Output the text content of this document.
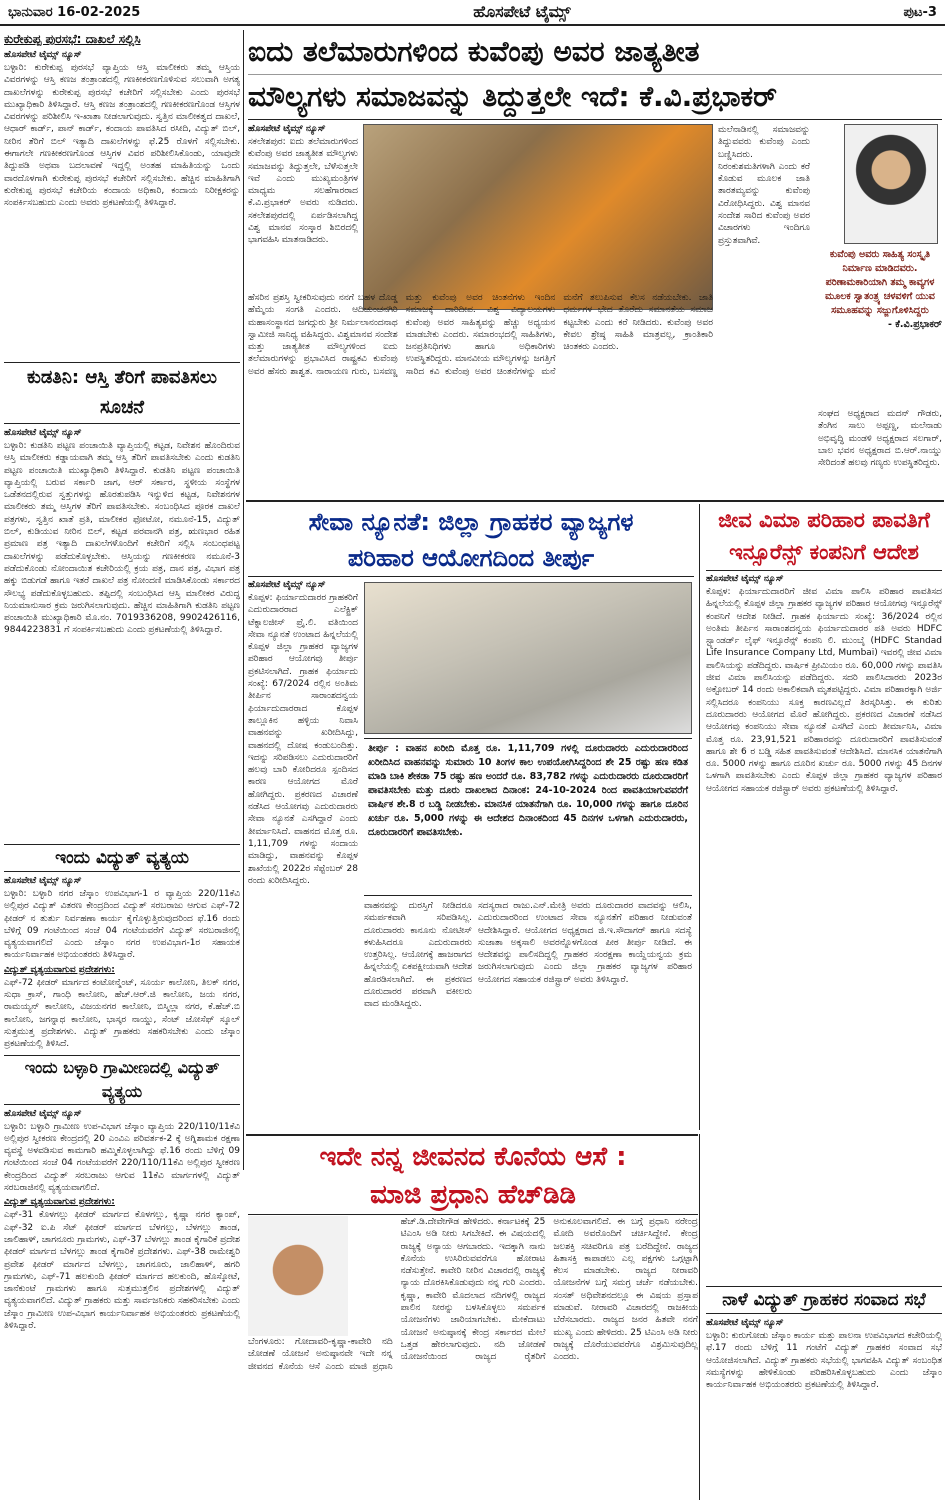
ಭಾನುವಾರ 16-02-2025	ಹೊಸಪೇಟೆ ಟೈಮ್ಸ್	ಪುಟ-3
ಕುರೇಕುಪ್ಪ ಪುರಸಭೆ: ದಾಖಲೆ ಸಲ್ಲಿಸಿ
ಹೊಸಪೇಟೆ ಟೈಮ್ಸ್ ನ್ಯೂಸ್
ಬಳ್ಳಾರಿ: ಕುರೇಕುಪ್ಪ ಪುರಸಭೆ ವ್ಯಾಪ್ತಿಯ ಆಸ್ತಿ ಮಾಲೀಕರು ತಮ್ಮ ಆಸ್ತಿಯ ವಿವರಗಳನ್ನು ಆಸ್ತಿ ಕಣಜ ತಂತ್ರಾಂಶದಲ್ಲಿ ಗಣಕೀಕರಣಗೊಳಿಸುವ ಸಲುವಾಗಿ ಅಗತ್ಯ ದಾಖಲೆಗಳನ್ನು ಕುರೇಕುಪ್ಪ ಪುರಸಭೆ ಕಚೇರಿಗೆ ಸಲ್ಲಿಸಬೇಕು ಎಂದು ಪುರಸಭೆ ಮುಖ್ಯಾಧಿಕಾರಿ ತಿಳಿಸಿದ್ದಾರೆ. ಆಸ್ತಿ ಕಣಜ ತಂತ್ರಾಂಶದಲ್ಲಿ ಗಣಕೀಕರಣಗೊಂಡ ಆಸ್ತಿಗಳ ವಿವರಗಳನ್ನು ಪರಿಶೀಲಿಸಿ ಇ-ಖಾತಾ ನೀಡಲಾಗುವುದು. ಸ್ವತ್ತಿನ ಮಾಲೀಕತ್ವದ ದಾಖಲೆ, ಆಧಾರ್ ಕಾರ್ಡ್, ಪಾನ್ ಕಾರ್ಡ್, ಕಂದಾಯ ಪಾವತಿಸಿದ ರಸೀದಿ, ವಿದ್ಯುತ್ ಬಿಲ್, ನೀರಿನ ತೆರಿಗೆ ಬಿಲ್ ಇತ್ಯಾದಿ ದಾಖಲೆಗಳನ್ನು ಫೆ.25 ರೊಳಗೆ ಸಲ್ಲಿಸಬೇಕು. ಈಗಾಗಲೇ ಗಣಕೀಕರಣಗೊಂಡ ಆಸ್ತಿಗಳ ವಿವರ ಪರಿಶೀಲಿಸಿಕೊಂಡು, ಯಾವುದೇ ತಿದ್ದುಪಡಿ ಅಥವಾ ಬದಲಾವಣೆ ಇದ್ದಲ್ಲಿ ಅಂತಹ ಮಾಹಿತಿಯನ್ನು ಒಂದು ವಾರದೊಳಗಾಗಿ ಕುರೇಕುಪ್ಪ ಪುರಸಭೆ ಕಚೇರಿಗೆ ಸಲ್ಲಿಸಬೇಕು. ಹೆಚ್ಚಿನ ಮಾಹಿತಿಗಾಗಿ ಕುರೇಕುಪ್ಪ ಪುರಸಭೆ ಕಚೇರಿಯ ಕಂದಾಯ ಅಧಿಕಾರಿ, ಕಂದಾಯ ನಿರೀಕ್ಷಕರನ್ನು ಸಂಪರ್ಕಿಸಬಹುದು ಎಂದು ಅವರು ಪ್ರಕಟಣೆಯಲ್ಲಿ ತಿಳಿಸಿದ್ದಾರೆ.
ಕುಡತಿನಿ: ಆಸ್ತಿ ತೆರಿಗೆ ಪಾವತಿಸಲು ಸೂಚನೆ
ಹೊಸಪೇಟೆ ಟೈಮ್ಸ್ ನ್ಯೂಸ್
ಬಳ್ಳಾರಿ: ಕುಡತಿನಿ ಪಟ್ಟಣ ಪಂಚಾಯಿತಿ ವ್ಯಾಪ್ತಿಯಲ್ಲಿ ಕಟ್ಟಡ, ನಿವೇಶನ ಹೊಂದಿರುವ ಆಸ್ತಿ ಮಾಲೀಕರು ಕಡ್ಡಾಯವಾಗಿ ತಮ್ಮ ಆಸ್ತಿ ತೆರಿಗೆ ಪಾವತಿಸಬೇಕು ಎಂದು ಕುಡತಿನಿ ಪಟ್ಟಣ ಪಂಚಾಯಿತಿ ಮುಖ್ಯಾಧಿಕಾರಿ ತಿಳಿಸಿದ್ದಾರೆ. ಕುಡತಿನಿ ಪಟ್ಟಣ ಪಂಚಾಯಿತಿ ವ್ಯಾಪ್ತಿಯಲ್ಲಿ ಬರುವ ಸರ್ಕಾರಿ ಜಾಗ, ಆರ್ ಸರ್ಕಾರ, ಸ್ಥಳೀಯ ಸಂಸ್ಥೆಗಳ ಒಡೆತನದಲ್ಲಿರುವ ಸ್ವತ್ತುಗಳನ್ನು ಹೊರತುಪಡಿಸಿ ಇನ್ನುಳಿದ ಕಟ್ಟಡ, ನಿವೇಶನಗಳ ಮಾಲೀಕರು ತಮ್ಮ ಆಸ್ತಿಗಳ ತೆರಿಗೆ ಪಾವತಿಸಬೇಕು. ಸಂಬಂಧಿಸಿದ ಪೂರಕ ದಾಖಲೆ ಪತ್ರಗಳು, ಸ್ವತ್ತಿನ ಖಾತೆ ಪ್ರತಿ, ಮಾಲೀಕರ ಫೋಟೋ, ನಮೂನೆ-15, ವಿದ್ಯುತ್ ಬಿಲ್, ಕುಡಿಯುವ ನೀರಿನ ಬಿಲ್, ಕಟ್ಟಡ ಪರವಾನಗಿ ಪತ್ರ, ಋಣಭಾರ ರಹಿತ ಪ್ರಮಾಣ ಪತ್ರ ಇತ್ಯಾದಿ ದಾಖಲೆಗಳೊಂದಿಗೆ ಕಚೇರಿಗೆ ಸಲ್ಲಿಸಿ ಸಂಬಂಧಪಟ್ಟ ದಾಖಲೆಗಳನ್ನು ಪಡೆದುಕೊಳ್ಳಬೇಕು. ಆಸ್ತಿಯನ್ನು ಗಣಕೀಕರಣ ನಮೂನೆ-3 ಪಡೆದುಕೊಂಡು ನೋಂದಾಯಿತ ಕಚೇರಿಯಲ್ಲಿ ಕ್ರಯ ಪತ್ರ, ದಾನ ಪತ್ರ, ವಿಭಾಗ ಪತ್ರ ಹಕ್ಕು ಬಿಡುಗಡೆ ಹಾಗೂ ಇತರೆ ದಾಖಲೆ ಪತ್ರ ನೋಂದಣಿ ಮಾಡಿಸಿಕೊಂಡು ಸರ್ಕಾರದ ಸೌಲಭ್ಯ ಪಡೆದುಕೊಳ್ಳಬಹುದು. ತಪ್ಪಿದಲ್ಲಿ ಸಂಬಂಧಿಸಿದ ಆಸ್ತಿ ಮಾಲೀಕರ ವಿರುದ್ಧ ನಿಯಮಾನುಸಾರ ಕ್ರಮ ಜರುಗಿಸಲಾಗುವುದು. ಹೆಚ್ಚಿನ ಮಾಹಿತಿಗಾಗಿ ಕುಡತಿನಿ ಪಟ್ಟಣ ಪಂಚಾಯಿತಿ ಮುಖ್ಯಾಧಿಕಾರಿ ಮೊ.ನಂ. 7019336208, 9902426116, 9844223831 ಗೆ ಸಂಪರ್ಕಿಸಬಹುದು ಎಂದು ಪ್ರಕಟಣೆಯಲ್ಲಿ ತಿಳಿಸಿದ್ದಾರೆ.
ಇಂದು ವಿದ್ಯುತ್ ವ್ಯತ್ಯಯ
ಹೊಸಪೇಟೆ ಟೈಮ್ಸ್ ನ್ಯೂಸ್
ಬಳ್ಳಾರಿ: ಬಳ್ಳಾರಿ ನಗರ ಜೆಸ್ಕಾಂ ಉಪವಿಭಾಗ-1 ರ ವ್ಯಾಪ್ತಿಯ 220/11ಕೆವಿ ಅಲ್ಲಿಪುರ ವಿದ್ಯುತ್ ವಿತರಣ ಕೇಂದ್ರದಿಂದ ವಿದ್ಯುತ್ ಸರಬರಾಜು ಆಗುವ ಎಫ್-72 ಫೀಡರ್ ನ ತುರ್ತು ನಿರ್ವಹಣಾ ಕಾರ್ಯ ಕೈಗೊಳ್ಳುತ್ತಿರುವುದರಿಂದ ಫೆ.16 ರಂದು ಬೆಳಿಗ್ಗೆ 09 ಗಂಟೆಯಿಂದ ಸಂಜೆ 04 ಗಂಟೆಯವರೆಗೆ ವಿದ್ಯುತ್ ಸರಬರಾಜಿನಲ್ಲಿ ವ್ಯತ್ಯಯವಾಗಲಿದೆ ಎಂದು ಜೆಸ್ಕಾಂ ನಗರ ಉಪವಿಭಾಗ-1ರ ಸಹಾಯಕ ಕಾರ್ಯನಿರ್ವಾಹಕ ಅಭಿಯಂತರರು ತಿಳಿಸಿದ್ದಾರೆ.
ವಿದ್ಯುತ್ ವ್ಯತ್ಯಯವಾಗುವ ಪ್ರದೇಶಗಳು:
ಎಫ್-72 ಫೀಡರ್ ಮಾರ್ಗದ ಕಂಟೋನ್ಮೆಂಟ್, ಸೂರ್ಯ ಕಾಲೋನಿ, ತಿಲಕ್ ನಗರ, ಸುಧಾ ಕ್ರಾಸ್, ಗಾಂಧಿ ಕಾಲೋನಿ, ಹೆಚ್.ಆರ್.ಜಿ ಕಾಲೋನಿ, ಜಯ ನಗರ, ರಾಮಯ್ಯನ್ ಕಾಲೋನಿ, ವಿಜಯನಗರ ಕಾಲೋನಿ, ಬಿಸ್ಮಿಲ್ಲಾ ನಗರ, ಕೆ.ಹೆಚ್.ಬಿ ಕಾಲೋನಿ, ಜಗನ್ನಾಥ ಕಾಲೋನಿ, ಭಾಸ್ಕರ ನಾಯ್ಡು, ಸೆಂಟ್ ಜೋಸೆಫ್ ಸ್ಕೂಲ್ ಸುತ್ತಮುತ್ತ ಪ್ರದೇಶಗಳು. ವಿದ್ಯುತ್ ಗ್ರಾಹಕರು ಸಹಕರಿಸಬೇಕು ಎಂದು ಜೆಸ್ಕಾಂ ಪ್ರಕಟಣೆಯಲ್ಲಿ ತಿಳಿಸಿದೆ.
ಇಂದು ಬಳ್ಳಾರಿ ಗ್ರಾಮೀಣದಲ್ಲಿ ವಿದ್ಯುತ್ ವ್ಯತ್ಯಯ
ಹೊಸಪೇಟೆ ಟೈಮ್ಸ್ ನ್ಯೂಸ್
ಬಳ್ಳಾರಿ: ಬಳ್ಳಾರಿ ಗ್ರಾಮೀಣ ಉಪ-ವಿಭಾಗ ಜೆಸ್ಕಾಂ ವ್ಯಾಪ್ತಿಯ 220/110/11ಕೆವಿ ಅಲ್ಲಿಪುರ ಸ್ವೀಕರಣ ಕೇಂದ್ರದಲ್ಲಿ 20 ಎಂವಿಎ ಪರಿವರ್ತಕ-2 ಕ್ಕೆ ಅಗ್ನಿಶಾಮಕ ರಕ್ಷಣಾ ವ್ಯವಸ್ಥೆ ಅಳವಡಿಸುವ ಕಾಮಗಾರಿ ಹಮ್ಮಿಕೊಳ್ಳಲಾಗಿದ್ದು ಫೆ.16 ರಂದು ಬೆಳಿಗ್ಗೆ 09 ಗಂಟೆಯಿಂದ ಸಂಜೆ 04 ಗಂಟೆಯವರೆಗೆ 220/110/11ಕೆವಿ ಅಲ್ಲಿಪುರ ಸ್ವೀಕರಣ ಕೇಂದ್ರದಿಂದ ವಿದ್ಯುತ್ ಸರಬರಾಜು ಆಗುವ 11ಕೆವಿ ಮಾರ್ಗಗಳಲ್ಲಿ ವಿದ್ಯುತ್ ಸರಬರಾಜಿನಲ್ಲಿ ವ್ಯತ್ಯಯವಾಗಲಿದೆ.
ವಿದ್ಯುತ್ ವ್ಯತ್ಯಯವಾಗುವ ಪ್ರದೇಶಗಳು:
ಎಫ್-31 ಕೊಳಗಲ್ಲು ಫೀಡರ್ ಮಾರ್ಗದ ಕೊಳಗಲ್ಲು, ಕೃಷ್ಣಾ ನಗರ ಕ್ಯಾಂಪ್, ಎಫ್-32 ಐ.ಪಿ ಸೆಟ್ ಫೀಡರ್ ಮಾರ್ಗದ ಬೆಳಗಲ್ಲು, ಬೆಳಗಲ್ಲು ತಾಂಡ, ಜಾಲಿಹಾಳ್, ಚಾಗನೂರು ಗ್ರಾಮಗಳು, ಎಫ್-37 ಬೆಳಗಲ್ಲು ತಾಂಡ ಕೈಗಾರಿಕೆ ಪ್ರದೇಶ ಫೀಡರ್ ಮಾರ್ಗದ ಬೆಳಗಲ್ಲು ತಾಂಡ ಕೈಗಾರಿಕೆ ಪ್ರದೇಶಗಳು. ಎಫ್-38 ರಾಮೇಶ್ವರಿ ಪ್ರವೇಶ ಫೀಡರ್ ಮಾರ್ಗದ ಬೆಳಗಲ್ಲು, ಚಾಗನೂರು, ಜಾಲಿಹಾಳ್, ಹಗರಿ ಗ್ರಾಮಗಳು, ಎಫ್-71 ಹಲಕುಂದಿ ಫೀಡರ್ ಮಾರ್ಗದ ಹಲಕುಂದಿ, ಹೊಸ್ಕೋಟೆ, ಜಾನೆಕುಂಟೆ ಗ್ರಾಮಗಳು ಹಾಗೂ ಸುತ್ತಮುತ್ತಲಿನ ಪ್ರದೇಶಗಳಲ್ಲಿ ವಿದ್ಯುತ್ ವ್ಯತ್ಯಯವಾಗಲಿದೆ. ವಿದ್ಯುತ್ ಗ್ರಾಹಕರು ಮತ್ತು ಸಾರ್ವಜನಿಕರು ಸಹಕರಿಸಬೇಕು ಎಂದು ಜೆಸ್ಕಾಂ ಗ್ರಾಮೀಣ ಉಪ-ವಿಭಾಗ ಕಾರ್ಯನಿರ್ವಾಹಕ ಅಭಿಯಂತರರು ಪ್ರಕಟಣೆಯಲ್ಲಿ ತಿಳಿಸಿದ್ದಾರೆ.
ಐದು ತಲೆಮಾರುಗಳಿಂದ ಕುವೆಂಪು ಅವರ ಜಾತ್ಯತೀತ
ಮೌಲ್ಯಗಳು ಸಮಾಜವನ್ನು ತಿದ್ದುತ್ತಲೇ ಇದೆ: ಕೆ.ವಿ.ಪ್ರಭಾಕರ್
ಹೊಸಪೇಟೆ ಟೈಮ್ಸ್ ನ್ಯೂಸ್
ಸಕಲೇಶಪುರ: ಐದು ತಲೆಮಾರುಗಳಿಂದ ಕುವೆಂಪು ಅವರ ಜಾತ್ಯತೀತ ಮೌಲ್ಯಗಳು ಸಮಾಜವನ್ನು ತಿದ್ದುತ್ತಲೇ, ಬೆಳೆಸುತ್ತಲೇ ಇವೆ ಎಂದು ಮುಖ್ಯಮಂತ್ರಿಗಳ ಮಾಧ್ಯಮ ಸಲಹೆಗಾರರಾದ ಕೆ.ವಿ.ಪ್ರಭಾಕರ್ ಅವರು ನುಡಿದರು. ಸಕಲೇಶಪುರದಲ್ಲಿ ಏರ್ಪಡಿಸಲಾಗಿದ್ದ ವಿಶ್ವ ಮಾನವ ಸಂಸ್ಕಾರ ಶಿಬಿರದಲ್ಲಿ ಭಾಗವಹಿಸಿ ಮಾತನಾಡಿದರು.
ಮಲೆನಾಡಿನಲ್ಲಿ ಸಮಾಜವನ್ನು ತಿದ್ದುವವರು ಕುವೆಂಪು ಎಂದು ಬಣ್ಣಿಸಿದರು. ನಿರಂಕುಶಮತಿಗಳಾಗಿ ಎಂದು ಕರೆ ಕೊಡುವ ಮೂಲಕ ಜಾತಿ ತಾರತಮ್ಯವನ್ನು ಕುವೆಂಪು ವಿರೋಧಿಸಿದ್ದರು. ವಿಶ್ವ ಮಾನವ ಸಂದೇಶ ಸಾರಿದ ಕುವೆಂಪು ಅವರ ವಿಚಾರಗಳು ಇಂದಿಗೂ ಪ್ರಸ್ತುತವಾಗಿವೆ.
ಕುವೆಂಪು ಅವರು ಸಾಹಿತ್ಯ ಸಂಸ್ಕೃತಿ ನಿರ್ಮಾಣ ಮಾಡಿದವರು. ಪರಿಣಾಮಕಾರಿಯಾಗಿ ತಮ್ಮ ಕಾವ್ಯಗಳ ಮೂಲಕ ಸ್ವಾತಂತ್ರ್ಯ ಚಳವಳಿಗೆ ಯುವ ಸಮೂಹವನ್ನು ಸಜ್ಜುಗೊಳಿಸಿದ್ದರು
- ಕೆ.ವಿ.ಪ್ರಭಾಕರ್
ಹೆಸರಿನ ಪ್ರಶಸ್ತಿ ಸ್ವೀಕರಿಸುವುದು ನನಗೆ ಬಹಳ ದೊಡ್ಡ ಹೆಮ್ಮೆಯ ಸಂಗತಿ ಎಂದರು. ಆದಿಚುಂಚನಗಿರಿ ಮಹಾಸಂಸ್ಥಾನದ ಜಗದ್ಗುರು ಶ್ರೀ ನಿರ್ಮಲಾನಂದನಾಥ ಸ್ವಾಮೀಜಿ ಸಾನಿಧ್ಯ ವಹಿಸಿದ್ದರು. ವಿಶ್ವಮಾನವ ಸಂದೇಶ ಮತ್ತು ಜಾತ್ಯತೀತ ಮೌಲ್ಯಗಳಿಂದ ಐದು ತಲೆಮಾರುಗಳನ್ನು ಪ್ರಭಾವಿಸಿದ ರಾಷ್ಟ್ರಕವಿ ಕುವೆಂಪು ಅವರ ಹೆಸರು ಶಾಶ್ವತ. ನಾರಾಯಣ ಗುರು, ಬಸವಣ್ಣ ಮತ್ತು ಕುವೆಂಪು ಅವರ ಚಿಂತನೆಗಳು ಇಂದಿನ ಸಮಾಜಕ್ಕೆ ದಾರಿದೀಪ. ವಿಶ್ವ ವಿದ್ಯಾಲಯಗಳು ಕುವೆಂಪು ಅವರ ಸಾಹಿತ್ಯವನ್ನು ಹೆಚ್ಚು ಅಧ್ಯಯನ ಮಾಡಬೇಕು ಎಂದರು. ಸಮಾರಂಭದಲ್ಲಿ ಸಾಹಿತಿಗಳು, ಜನಪ್ರತಿನಿಧಿಗಳು ಹಾಗೂ ಅಧಿಕಾರಿಗಳು ಉಪಸ್ಥಿತರಿದ್ದರು. ಮಾನವೀಯ ಮೌಲ್ಯಗಳನ್ನು ಜಗತ್ತಿಗೆ ಸಾರಿದ ಕವಿ ಕುವೆಂಪು ಅವರ ಚಿಂತನೆಗಳನ್ನು ಮನೆ ಮನೆಗೆ ತಲುಪಿಸುವ ಕೆಲಸ ನಡೆಯಬೇಕು. ಜಾತಿ ಧರ್ಮಗಳ ಭೇದ ತೊರೆದು ಸಮಾನತೆಯ ಸಮಾಜ ಕಟ್ಟಬೇಕು ಎಂದು ಕರೆ ನೀಡಿದರು. ಕುವೆಂಪು ಅವರ ಕೇವಲ ಶ್ರೇಷ್ಠ ಸಾಹಿತಿ ಮಾತ್ರವಲ್ಲ, ಕ್ರಾಂತಿಕಾರಿ ಚಿಂತಕರು ಎಂದರು.
ಸಂಘದ ಅಧ್ಯಕ್ಷರಾದ ಮದನ್ ಗೌಡರು, ತೆಂಗಿನ ಸಾಲು ಅಪ್ಪಣ್ಣ, ಮಲೆನಾಡು ಅಭಿವೃದ್ಧಿ ಮಂಡಳಿ ಅಧ್ಯಕ್ಷರಾದ ಸಲಗಾರ್, ಬಾಲ ಭವನ ಅಧ್ಯಕ್ಷರಾದ ಬಿ.ಆರ್.ನಾಯ್ಡು ಸೇರಿದಂತೆ ಹಲವು ಗಣ್ಯರು ಉಪಸ್ಥಿತರಿದ್ದರು.
ಸೇವಾ ನ್ಯೂನತೆ: ಜಿಲ್ಲಾ ಗ್ರಾಹಕರ ವ್ಯಾಜ್ಯಗಳ
ಪರಿಹಾರ ಆಯೋಗದಿಂದ ತೀರ್ಪು
ಹೊಸಪೇಟೆ ಟೈಮ್ಸ್ ನ್ಯೂಸ್
ಕೊಪ್ಪಳ: ಫಿರ್ಯಾದುದಾರರ ಗ್ರಾಹಕರಿಗೆ ಎದುರುದಾರರಾದ ಎಲೆಕ್ಟ್ರಿಕ್ ಟೆಕ್ನಾಲಜೀಸ್ ಪ್ರೈ.ಲಿ. ವತಿಯಿಂದ ಸೇವಾ ನ್ಯೂನತೆ ಉಂಟಾದ ಹಿನ್ನಲೆಯಲ್ಲಿ ಕೊಪ್ಪಳ ಜಿಲ್ಲಾ ಗ್ರಾಹಕರ ವ್ಯಾಜ್ಯಗಳ ಪರಿಹಾರ ಆಯೋಗವು ತೀರ್ಪು ಪ್ರಕಟಿಸಲಾಗಿದೆ. ಗ್ರಾಹಕ ಫಿರ್ಯಾದು ಸಂಖ್ಯೆ: 67/2024 ರಲ್ಲಿನ ಅಂತಿಮ ತೀರ್ಪಿನ ಸಾರಾಂಶದನ್ವಯ ಫಿರ್ಯಾದುದಾರರಾದ ಕೊಪ್ಪಳ ತಾಲ್ಲೂಕಿನ ಹಳ್ಳಿಯ ನಿವಾಸಿ ವಾಹನವನ್ನು ಖರೀದಿಸಿದ್ದು, ವಾಹನದಲ್ಲಿ ದೋಷ ಕಂಡುಬಂದಿತ್ತು. ಇದನ್ನು ಸರಿಪಡಿಸಲು ಎದುರುದಾರರಿಗೆ ಹಲವು ಬಾರಿ ಕೋರಿದರೂ ಸ್ಪಂದಿಸದ ಕಾರಣ ಆಯೋಗದ ಮೊರೆ ಹೋಗಿದ್ದರು. ಪ್ರಕರಣದ ವಿಚಾರಣೆ ನಡೆಸಿದ ಆಯೋಗವು ಎದುರುದಾರರು ಸೇವಾ ನ್ಯೂನತೆ ಎಸಗಿದ್ದಾರೆ ಎಂದು ತೀರ್ಮಾನಿಸಿದೆ. ವಾಹನದ ಮೊತ್ತ ರೂ. 1,11,709 ಗಳನ್ನು ಸಂದಾಯ ಮಾಡಿದ್ದು, ವಾಹನವನ್ನು ಕೊಪ್ಪಳ ಶಾಖೆಯಲ್ಲಿ 2022ರ ಸೆಪ್ಟೆಂಬರ್ 28 ರಂದು ಖರೀದಿಸಿದ್ದರು.
ತೀರ್ಪು : ವಾಹನ ಖರೀದಿ ಮೊತ್ತ ರೂ. 1,11,709 ಗಳಲ್ಲಿ ದೂರುದಾರರು ಎದುರುದಾರರಿಂದ ಖರೀದಿಸಿದ ವಾಹನವನ್ನು ಸುಮಾರು 10 ತಿಂಗಳ ಕಾಲ ಉಪಯೋಗಿಸಿದ್ದರಿಂದ ಶೇ 25 ರಷ್ಟು ಹಣ ಕಡಿತ ಮಾಡಿ ಬಾಕಿ ಶೇಕಡಾ 75 ರಷ್ಟು ಹಣ ಅಂದರೆ ರೂ. 83,782 ಗಳನ್ನು ಎದುರುದಾರರು ದೂರುದಾರರಿಗೆ ಪಾವತಿಸಬೇಕು ಮತ್ತು ದೂರು ದಾಖಲಾದ ದಿನಾಂಕ: 24-10-2024 ರಿಂದ ಪಾವತಿಯಾಗುವವರೆಗೆ ವಾರ್ಷಿಕ ಶೇ.8 ರ ಬಡ್ಡಿ ನೀಡಬೇಕು. ಮಾನಸಿಕ ಯಾತನೆಗಾಗಿ ರೂ. 10,000 ಗಳನ್ನು ಹಾಗೂ ದೂರಿನ ಖರ್ಚು ರೂ. 5,000 ಗಳನ್ನು ಈ ಆದೇಶದ ದಿನಾಂಕದಿಂದ 45 ದಿನಗಳ ಒಳಗಾಗಿ ಎದುರುದಾರರು, ದೂರುದಾರರಿಗೆ ಪಾವತಿಸಬೇಕು.
ವಾಹನವನ್ನು ದುರಸ್ತಿಗೆ ನೀಡಿದರೂ ಸಮರ್ಪಕವಾಗಿ ಸರಿಪಡಿಸಿಲ್ಲ. ದೂರುದಾರರು ಕಾನೂನು ನೋಟೀಸ್ ಕಳುಹಿಸಿದರೂ ಎದುರುದಾರರು ಉತ್ತರಿಸಿಲ್ಲ. ಆಯೋಗಕ್ಕೆ ಹಾಜರಾಗದ ಹಿನ್ನಲೆಯಲ್ಲಿ ಏಕಪಕ್ಷೀಯವಾಗಿ ಆದೇಶ ಹೊರಡಿಸಲಾಗಿದೆ. ಈ ಪ್ರಕರಣದ ದೂರುದಾರರ ಪರವಾಗಿ ವಕೀಲರು ವಾದ ಮಂಡಿಸಿದ್ದರು.
ಸದಸ್ಯರಾದ ರಾಜು.ಎನ್.ಮೇತ್ರಿ ಅವರು ದೂರುದಾರರ ವಾದವನ್ನು ಆಲಿಸಿ, ಎದುರುದಾರರಿಂದ ಉಂಟಾದ ಸೇವಾ ನ್ಯೂನತೆಗೆ ಪರಿಹಾರ ನೀಡುವಂತೆ ಆದೇಶಿಸಿದ್ದಾರೆ. ಆಯೋಗದ ಅಧ್ಯಕ್ಷರಾದ ಜಿ.ಇ.ಸೌದಾಗರ್ ಹಾಗೂ ಸದಸ್ಯೆ ಸುಜಾತಾ ಅಕ್ಕಸಾಲಿ ಅವರನ್ನೊಳಗೊಂಡ ಪೀಠ ತೀರ್ಪು ನೀಡಿದೆ. ಈ ಆದೇಶವನ್ನು ಪಾಲಿಸದಿದ್ದಲ್ಲಿ ಗ್ರಾಹಕರ ಸಂರಕ್ಷಣಾ ಕಾಯ್ದೆಯನ್ವಯ ಕ್ರಮ ಜರುಗಿಸಲಾಗುವುದು ಎಂದು ಜಿಲ್ಲಾ ಗ್ರಾಹಕರ ವ್ಯಾಜ್ಯಗಳ ಪರಿಹಾರ ಆಯೋಗದ ಸಹಾಯಕ ರಜಿಸ್ಟ್ರಾರ್ ಅವರು ತಿಳಿಸಿದ್ದಾರೆ.
ಜೀವ ವಿಮಾ ಪರಿಹಾರ ಪಾವತಿಗೆ ಇನ್ಸೂರೆನ್ಸ್ ಕಂಪನಿಗೆ ಆದೇಶ
ಹೊಸಪೇಟೆ ಟೈಮ್ಸ್ ನ್ಯೂಸ್
ಕೊಪ್ಪಳ: ಫಿರ್ಯಾದುದಾರರಿಗೆ ಜೀವ ವಿಮಾ ಪಾಲಿಸಿ ಪರಿಹಾರ ಪಾವತಿಸದ ಹಿನ್ನಲೆಯಲ್ಲಿ ಕೊಪ್ಪಳ ಜಿಲ್ಲಾ ಗ್ರಾಹಕರ ವ್ಯಾಜ್ಯಗಳ ಪರಿಹಾರ ಆಯೋಗವು ಇನ್ಸೂರೆನ್ಸ್ ಕಂಪನಿಗೆ ಆದೇಶ ನೀಡಿದೆ. ಗ್ರಾಹಕ ಫಿರ್ಯಾದು ಸಂಖ್ಯೆ: 36/2024 ರಲ್ಲಿನ ಅಂತಿಮ ತೀರ್ಪಿನ ಸಾರಾಂಶದನ್ವಯ ಫಿರ್ಯಾದುದಾರರ ಪತಿ ಅವರು HDFC ಸ್ಟ್ಯಾಂಡರ್ಡ್ ಲೈಫ್ ಇನ್ಸೂರೆನ್ಸ್ ಕಂಪನಿ ಲಿ. ಮುಂಬೈ (HDFC Standad Life Insurance Company Ltd, Mumbai) ಇವರಲ್ಲಿ ಜೀವ ವಿಮಾ ಪಾಲಿಸಿಯನ್ನು ಪಡೆದಿದ್ದರು. ವಾರ್ಷಿಕ ಪ್ರೀಮಿಯಂ ರೂ. 60,000 ಗಳನ್ನು ಪಾವತಿಸಿ ಜೀವ ವಿಮಾ ಪಾಲಿಸಿಯನ್ನು ಪಡೆದಿದ್ದರು. ಸದರಿ ಪಾಲಿಸಿದಾರರು 2023ರ ಅಕ್ಟೋಬರ್ 14 ರಂದು ಅಕಾಲಿಕವಾಗಿ ಮೃತಪಟ್ಟಿದ್ದರು. ವಿಮಾ ಪರಿಹಾರಕ್ಕಾಗಿ ಅರ್ಜಿ ಸಲ್ಲಿಸಿದರೂ ಕಂಪನಿಯು ಸೂಕ್ತ ಕಾರಣವಿಲ್ಲದೆ ತಿರಸ್ಕರಿಸಿತ್ತು. ಈ ಕುರಿತು ದೂರುದಾರರು ಆಯೋಗದ ಮೊರೆ ಹೋಗಿದ್ದರು. ಪ್ರಕರಣದ ವಿಚಾರಣೆ ನಡೆಸಿದ ಆಯೋಗವು ಕಂಪನಿಯು ಸೇವಾ ನ್ಯೂನತೆ ಎಸಗಿದೆ ಎಂದು ತೀರ್ಮಾನಿಸಿ, ವಿಮಾ ಮೊತ್ತ ರೂ. 23,91,521 ಪರಿಹಾರವನ್ನು ದೂರುದಾರರಿಗೆ ಪಾವತಿಸುವಂತೆ ಹಾಗೂ ಶೇ 6 ರ ಬಡ್ಡಿ ಸಹಿತ ಪಾವತಿಸುವಂತೆ ಆದೇಶಿಸಿದೆ. ಮಾನಸಿಕ ಯಾತನೆಗಾಗಿ ರೂ. 5000 ಗಳನ್ನು ಹಾಗೂ ದೂರಿನ ಖರ್ಚು ರೂ. 5000 ಗಳನ್ನು 45 ದಿನಗಳ ಒಳಗಾಗಿ ಪಾವತಿಸಬೇಕು ಎಂದು ಕೊಪ್ಪಳ ಜಿಲ್ಲಾ ಗ್ರಾಹಕರ ವ್ಯಾಜ್ಯಗಳ ಪರಿಹಾರ ಆಯೋಗದ ಸಹಾಯಕ ರಜಿಸ್ಟ್ರಾರ್ ಅವರು ಪ್ರಕಟಣೆಯಲ್ಲಿ ತಿಳಿಸಿದ್ದಾರೆ.
ಇದೇ ನನ್ನ ಜೀವನದ ಕೊನೆಯ ಆಸೆ :
ಮಾಜಿ ಪ್ರಧಾನಿ ಹೆಚ್‌ಡಿಡಿ
ಬೆಂಗಳೂರು: ಗೋದಾವರಿ-ಕೃಷ್ಣಾ-ಕಾವೇರಿ ನದಿ ಜೋಡಣೆ ಯೋಜನೆ ಅನುಷ್ಠಾನವೇ ಇದೇ ನನ್ನ ಜೀವನದ ಕೊನೆಯ ಆಸೆ ಎಂದು ಮಾಜಿ ಪ್ರಧಾನಿ ಹೆಚ್.ಡಿ.ದೇವೇಗೌಡ ಹೇಳಿದರು. ಕರ್ನಾಟಕಕ್ಕೆ 25 ಟಿಎಂಸಿ ಅಡಿ ನೀರು ಸಿಗಬೇಕಿದೆ. ಈ ವಿಷಯದಲ್ಲಿ ರಾಜ್ಯಕ್ಕೆ ಅನ್ಯಾಯ ಆಗಬಾರದು. ಇದಕ್ಕಾಗಿ ನಾನು ಕೊನೆಯ ಉಸಿರಿರುವವರೆಗೂ ಹೋರಾಟ ನಡೆಸುತ್ತೇನೆ. ಕಾವೇರಿ ನೀರಿನ ವಿಚಾರದಲ್ಲಿ ರಾಜ್ಯಕ್ಕೆ ನ್ಯಾಯ ದೊರಕಿಸಿಕೊಡುವುದು ನನ್ನ ಗುರಿ ಎಂದರು. ಕೃಷ್ಣಾ, ಕಾವೇರಿ ಮೊದಲಾದ ನದಿಗಳಲ್ಲಿ ರಾಜ್ಯದ ಪಾಲಿನ ನೀರನ್ನು ಬಳಸಿಕೊಳ್ಳಲು ಸಮರ್ಪಕ ಯೋಜನೆಗಳು ಜಾರಿಯಾಗಬೇಕು. ಮೇಕೆದಾಟು ಯೋಜನೆ ಅನುಷ್ಠಾನಕ್ಕೆ ಕೇಂದ್ರ ಸರ್ಕಾರದ ಮೇಲೆ ಒತ್ತಡ ಹೇರಲಾಗುವುದು. ನದಿ ಜೋಡಣೆ ಯೋಜನೆಯಿಂದ ರಾಜ್ಯದ ರೈತರಿಗೆ ಅನುಕೂಲವಾಗಲಿದೆ. ಈ ಬಗ್ಗೆ ಪ್ರಧಾನಿ ನರೇಂದ್ರ ಮೋದಿ ಅವರೊಂದಿಗೆ ಚರ್ಚಿಸಿದ್ದೇನೆ. ಕೇಂದ್ರ ಜಲಶಕ್ತಿ ಸಚಿವರಿಗೂ ಪತ್ರ ಬರೆದಿದ್ದೇನೆ. ರಾಜ್ಯದ ಹಿತಾಸಕ್ತಿ ಕಾಪಾಡಲು ಎಲ್ಲ ಪಕ್ಷಗಳು ಒಗ್ಗಟ್ಟಾಗಿ ಕೆಲಸ ಮಾಡಬೇಕು. ರಾಜ್ಯದ ನೀರಾವರಿ ಯೋಜನೆಗಳ ಬಗ್ಗೆ ಸಮಗ್ರ ಚರ್ಚೆ ನಡೆಯಬೇಕು. ಸಂಸತ್ ಅಧಿವೇಶನದಲ್ಲೂ ಈ ವಿಷಯ ಪ್ರಸ್ತಾಪ ಮಾಡುವೆ. ನೀರಾವರಿ ವಿಚಾರದಲ್ಲಿ ರಾಜಕೀಯ ಬೆರೆಸಬಾರದು. ರಾಜ್ಯದ ಜನರ ಹಿತವೇ ನನಗೆ ಮುಖ್ಯ ಎಂದು ಹೇಳಿದರು. 25 ಟಿಎಂಸಿ ಅಡಿ ನೀರು ರಾಜ್ಯಕ್ಕೆ ದೊರೆಯುವವರೆಗೂ ವಿಶ್ರಮಿಸುವುದಿಲ್ಲ ಎಂದರು.
ನಾಳೆ ವಿದ್ಯುತ್ ಗ್ರಾಹಕರ ಸಂವಾದ ಸಭೆ
ಹೊಸಪೇಟೆ ಟೈಮ್ಸ್ ನ್ಯೂಸ್
ಬಳ್ಳಾರಿ: ಕುರುಗೋಡು ಜೆಸ್ಕಾಂ ಕಾರ್ಯ ಮತ್ತು ಪಾಲನಾ ಉಪವಿಭಾಗದ ಕಚೇರಿಯಲ್ಲಿ ಫೆ.17 ರಂದು ಬೆಳಿಗ್ಗೆ 11 ಗಂಟೆಗೆ ವಿದ್ಯುತ್ ಗ್ರಾಹಕರ ಸಂವಾದ ಸಭೆ ಆಯೋಜಿಸಲಾಗಿದೆ. ವಿದ್ಯುತ್ ಗ್ರಾಹಕರು ಸಭೆಯಲ್ಲಿ ಭಾಗವಹಿಸಿ ವಿದ್ಯುತ್ ಸಂಬಂಧಿತ ಸಮಸ್ಯೆಗಳನ್ನು ಹೇಳಿಕೊಂಡು ಪರಿಹರಿಸಿಕೊಳ್ಳಬಹುದು ಎಂದು ಜೆಸ್ಕಾಂ ಕಾರ್ಯನಿರ್ವಾಹಕ ಅಭಿಯಂತರರು ಪ್ರಕಟಣೆಯಲ್ಲಿ ತಿಳಿಸಿದ್ದಾರೆ.
